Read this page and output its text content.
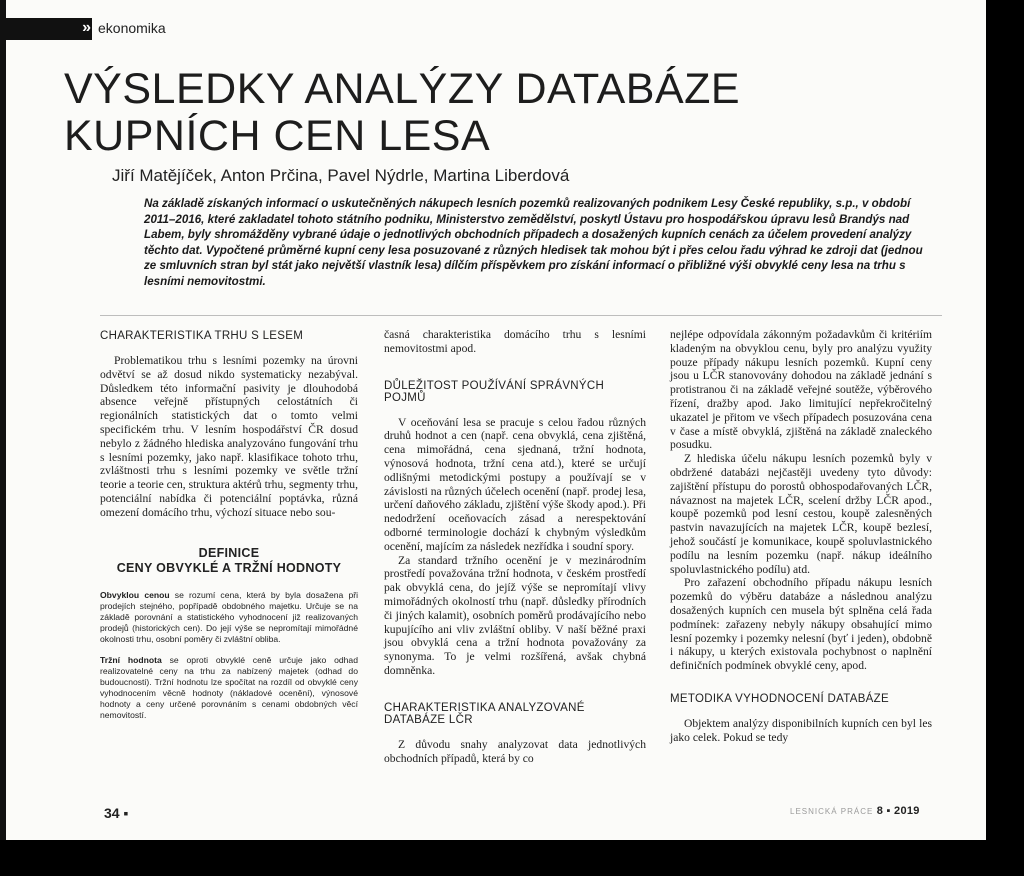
» ekonomika
VÝSLEDKY ANALÝZY DATABÁZE KUPNÍCH CEN LESA
Jiří Matějíček, Anton Prčina, Pavel Nýdrle, Martina Liberdová
Na základě získaných informací o uskutečněných nákupech lesních pozemků realizovaných podnikem Lesy České republiky, s.p., v období 2011–2016, které zakladatel tohoto státního podniku, Ministerstvo zemědělství, poskytl Ústavu pro hospodářskou úpravu lesů Brandýs nad Labem, byly shromážděny vybrané údaje o jednotlivých obchodních případech a dosažených kupních cenách za účelem provedení analýzy těchto dat. Vypočtené průměrné kupní ceny lesa posuzované z různých hledisek tak mohou být i přes celou řadu výhrad ke zdroji dat (jednou ze smluvních stran byl stát jako největší vlastník lesa) dílčím příspěvkem pro získání informací o přibližné výši obvyklé ceny lesa na trhu s lesními nemovitostmi.

CHARAKTERISTIKA TRHU S LESEM

Problematikou trhu s lesními pozemky na úrovni odvětví se až dosud nikdo systematicky nezabýval. Důsledkem této informační pasivity je dlouhodobá absence veřejně přístupných celostátních či regionálních statistických dat o tomto velmi specifickém trhu. V lesním hospodářství ČR dosud nebylo z žádného hlediska analyzováno fungování trhu s lesními pozemky, jako např. klasifikace tohoto trhu, zvláštnosti trhu s lesními pozemky ve světle tržní teorie a teorie cen, struktura aktérů trhu, segmenty trhu, potenciální nabídka či potenciální poptávka, různá omezení domácího trhu, výchozí situace nebo sou-

DEFINICE

CENY OBVYKLÉ A TRŽNÍ HODNOTY

Obvyklou cenou se rozumí cena, která by byla dosažena při prodejích stejného, popřípadě obdobného majetku. Určuje se na základě porovnání a statistického vyhodnocení již realizovaných prodejů (historických cen). Do její výše se nepromítají mimořádné okolnosti trhu, osobní poměry či zvláštní obliba.

Tržní hodnota se oproti obvyklé ceně určuje jako odhad realizovatelné ceny na trhu za nabízený majetek (odhad do budoucnosti). Tržní hodnotu lze spočítat na rozdíl od obvyklé ceny vyhodnocením věcně hodnoty (nákladové ocenění), výnosové hodnoty a ceny určené porovnáním s cenami obdobných věcí nemovitostí.

časná charakteristika domácího trhu s lesními nemovitostmi apod.

DŮLEŽITOST POUŽÍVÁNÍ SPRÁVNÝCH POJMŮ

V oceňování lesa se pracuje s celou řadou různých druhů hodnot a cen (např. cena obvyklá, cena zjištěná, cena mimořádná, cena sjednaná, tržní hodnota, výnosová hodnota, tržní cena atd.), které se určují odlišnými metodickými postupy a používají se v závislosti na různých účelech ocenění (např. prodej lesa, určení daňového základu, zjištění výše škody apod.). Při nedodržení oceňovacích zásad a nerespektování odborné terminologie dochází k chybným výsledkům ocenění, majícím za následek nezřídka i soudní spory.

Za standard tržního ocenění je v mezinárodním prostředí považována tržní hodnota, v českém prostředí pak obvyklá cena, do jejíž výše se nepromítají vlivy mimořádných okolností trhu (např. důsledky přírodních či jiných kalamit), osobních poměrů prodávajícího nebo kupujícího ani vliv zvláštní obliby. V naší běžné praxi jsou obvyklá cena a tržní hodnota považovány za synonyma. To je velmi rozšířená, avšak chybná domněnka.

CHARAKTERISTIKA ANALYZOVANÉ DATABÁZE LČR

Z důvodu snahy analyzovat data jednotlivých obchodních případů, která by co

nejlépe odpovídala zákonným požadavkům či kritériím kladeným na obvyklou cenu, byly pro analýzu využity pouze případy nákupu lesních pozemků. Kupní ceny jsou u LČR stanovovány dohodou na základě jednání s protistranou či na základě veřejné soutěže, výběrového řízení, dražby apod. Jako limitující nepřekročitelný ukazatel je přitom ve všech případech posuzována cena v čase a místě obvyklá, zjištěná na základě znaleckého posudku.

Z hlediska účelu nákupu lesních pozemků byly v obdržené databázi nejčastěji uvedeny tyto důvody: zajištění přístupu do porostů obhospodařovaných LČR, návaznost na majetek LČR, scelení držby LČR apod., koupě pozemků pod lesní cestou, koupě zalesněných pastvin navazujících na majetek LČR, koupě bezlesí, jehož součástí je komunikace, koupě spoluvlastnického podílu na lesním pozemku (např. nákup ideálního spoluvlastnického podílu) atd.

Pro zařazení obchodního případu nákupu lesních pozemků do výběru databáze a následnou analýzu dosažených kupních cen musela být splněna celá řada podmínek: zařazeny nebyly nákupy obsahující mimo lesní pozemky i pozemky nelesní (byť i jeden), obdobně i nákupy, u kterých existovala pochybnost o naplnění definičních podmínek obvyklé ceny, apod.

METODIKA VYHODNOCENÍ DATABÁZE

Objektem analýzy disponibilních kupních cen byl les jako celek. Pokud se tedy

34 ▪	LESNICKÁ PRÁCE 8 ▪ 2019
